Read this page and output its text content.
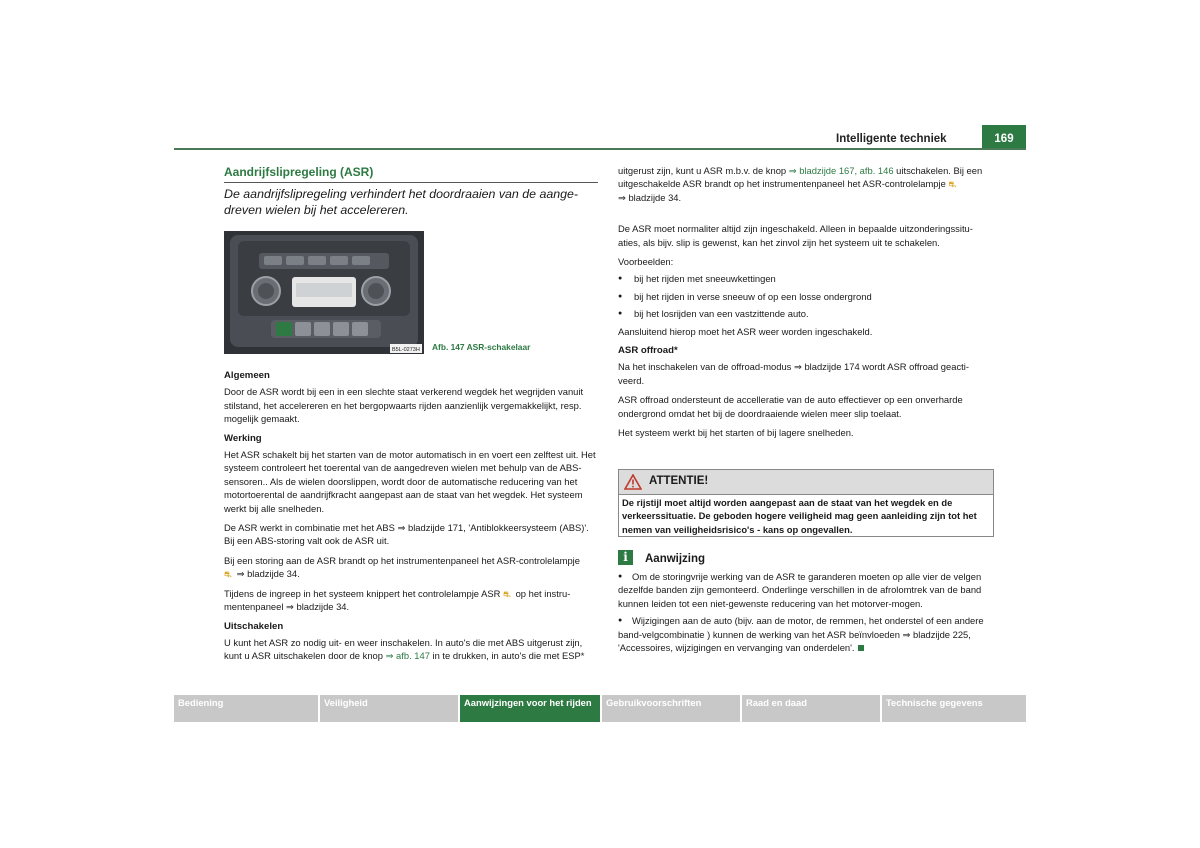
Intelligente techniek	169
Aandrijfslipregeling (ASR)
De aandrijfslipregeling verhindert het doordraaien van de aange-dreven wielen bij het accelereren.
B5L-0273H Afb. 147 ASR-schakelaar
Algemeen

Door de ASR wordt bij een in een slechte staat verkerend wegdek het wegrijden vanuit stilstand, het accelereren en het bergopwaarts rijden aanzienlijk vergemakkelijkt, resp. mogelijk gemaakt.

Werking

Het ASR schakelt bij het starten van de motor automatisch in en voert een zelftest uit. Het systeem controleert het toerental van de aangedreven wielen met behulp van de ABS-sensoren.. Als de wielen doorslippen, wordt door de automatische reducering van het motortoerental de aandrijfkracht aangepast aan de staat van het wegdek. Het systeem werkt bij alle snelheden.

De ASR werkt in combinatie met het ABS ⇒ bladzijde 171, 'Antiblokkeersysteem (ABS)'. Bij een ABS-storing valt ook de ASR uit.

Bij een storing aan de ASR brandt op het instrumentenpaneel het ASR-controlelampje
⛐ ⇒ bladzijde 34.

Tijdens de ingreep in het systeem knippert het controlelampje ASR ⛐ op het instru-mentenpaneel ⇒ bladzijde 34.

Uitschakelen

U kunt het ASR zo nodig uit- en weer inschakelen. In auto's die met ABS uitgerust zijn, kunt u ASR uitschakelen door de knop ⇒ afb. 147 in te drukken, in auto's die met ESP*

uitgerust zijn, kunt u ASR m.b.v. de knop ⇒ bladzijde 167, afb. 146 uitschakelen. Bij een uitgeschakelde ASR brandt op het instrumentenpaneel het ASR-controlelampje ⛐
⇒ bladzijde 34.

De ASR moet normaliter altijd zijn ingeschakeld. Alleen in bepaalde uitzonderingssitu-aties, als bijv. slip is gewenst, kan het zinvol zijn het systeem uit te schakelen.

Voorbeelden:

● bij het rijden met sneeuwkettingen
● bij het rijden in verse sneeuw of op een losse ondergrond
● bij het losrijden van een vastzittende auto.

Aansluitend hierop moet het ASR weer worden ingeschakeld.

ASR offroad*

Na het inschakelen van de offroad-modus ⇒ bladzijde 174 wordt ASR offroad geacti-veerd.

ASR offroad ondersteunt de accelleratie van de auto effectiever op een onverharde ondergrond omdat het bij de doordraaiende wielen meer slip toelaat.

Het systeem werkt bij het starten of bij lagere snelheden.

ATTENTIE!
De rijstijl moet altijd worden aangepast aan de staat van het wegdek en de verkeerssituatie. De geboden hogere veiligheid mag geen aanleiding zijn tot het nemen van veiligheidsrisico's - kans op ongevallen.
i	Aanwijzing
● Om de storingvrije werking van de ASR te garanderen moeten op alle vier de velgen dezelfde banden zijn gemonteerd. Onderlinge verschillen in de afrolomtrek van de band kunnen leiden tot een niet-gewenste reducering van het motorver-mogen.
● Wijzigingen aan de auto (bijv. aan de motor, de remmen, het onderstel of een andere band-velgcombinatie ) kunnen de werking van het ASR beïnvloeden ⇒ bladzijde 225, 'Accessoires, wijzigingen en vervanging van onderdelen'.
Bediening	Veiligheid	Aanwijzingen voor het rijden	Gebruikvoorschriften	Raad en daad	Technische gegevens
